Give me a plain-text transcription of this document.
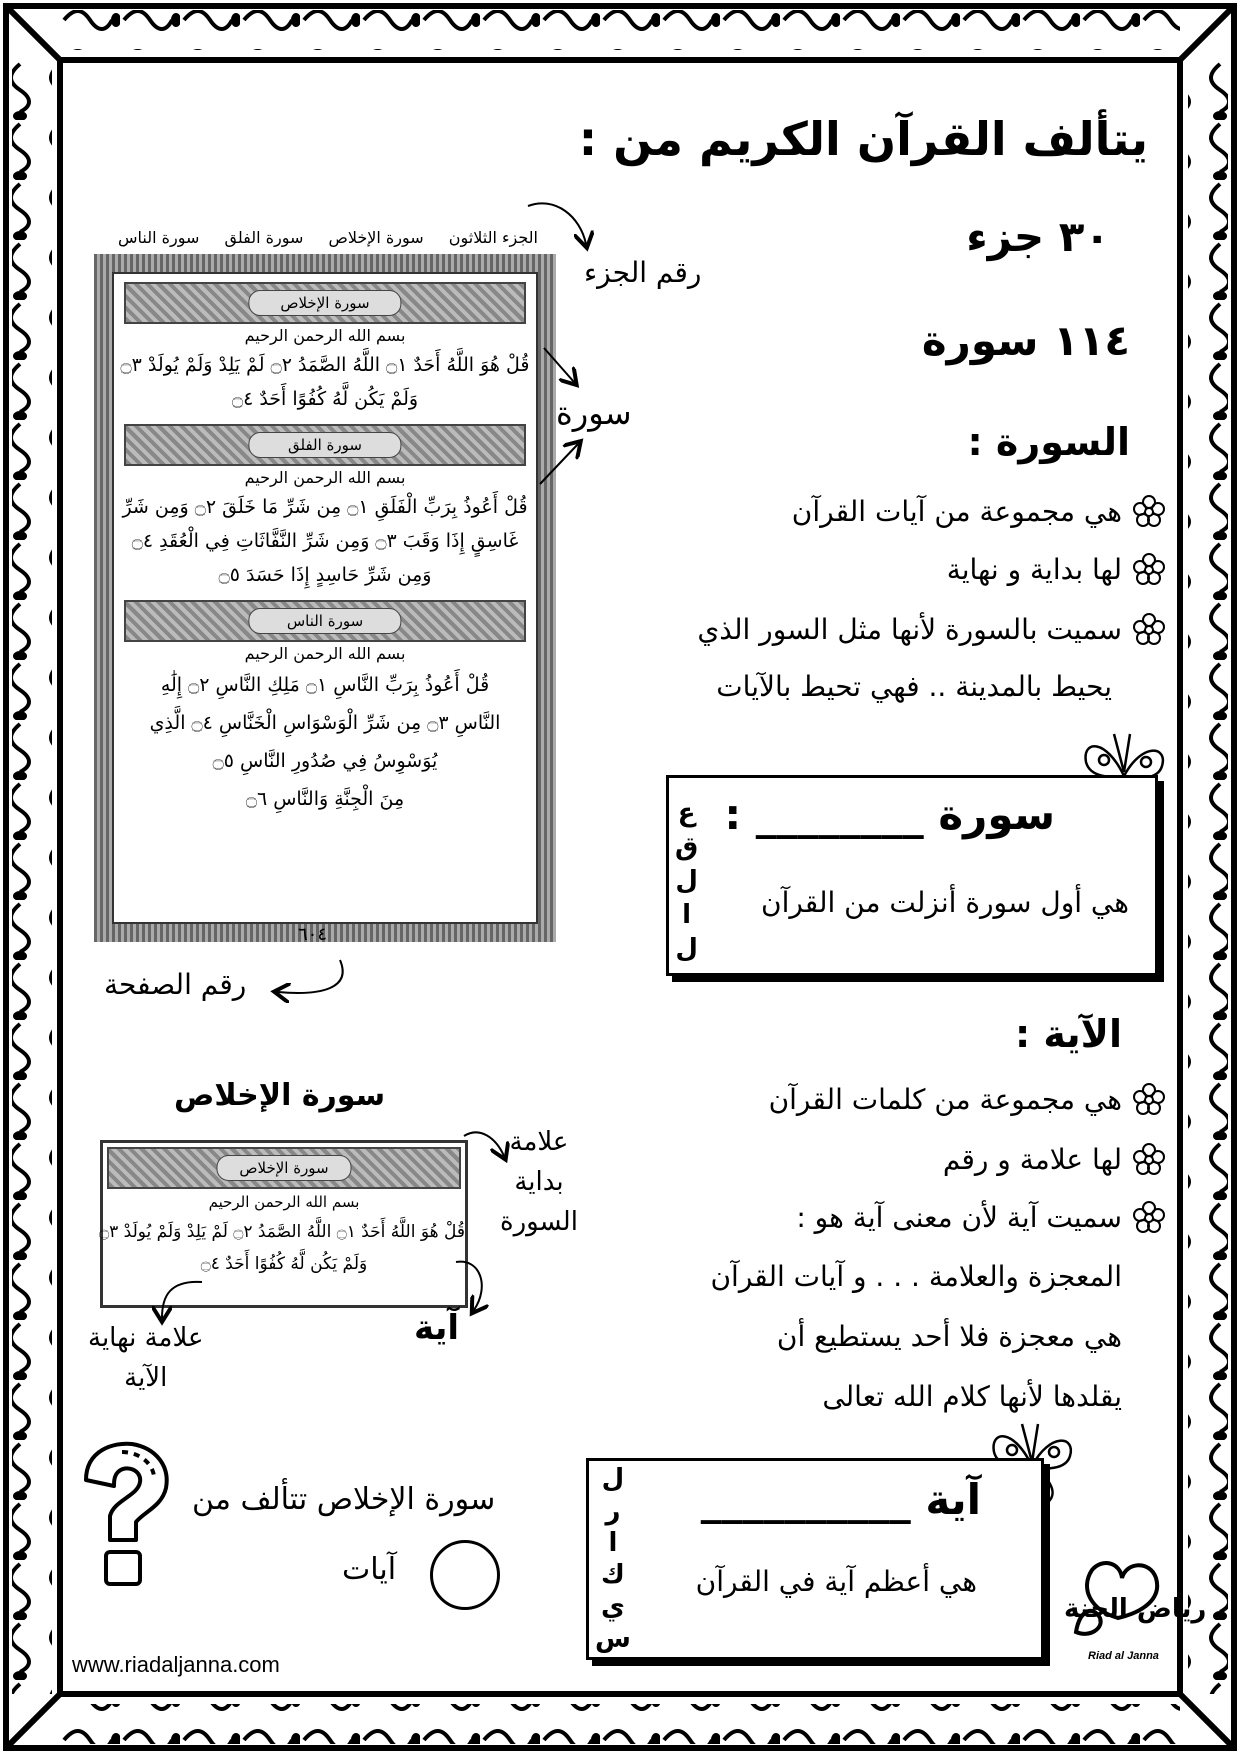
يتألف القرآن الكريم من :
٣٠ جزء
١١٤ سورة
السورة :
هي مجموعة من آيات القرآن
لها بداية و نهاية
سميت بالسورة لأنها مثل السور الذي
يحيط بالمدينة .. فهي تحيط بالآيات
سورة ________ :
هي أول سورة أنزلت من القرآن
ع
ق
ل
ا
ل
الآية :
هي مجموعة من كلمات القرآن
لها علامة و رقم
سميت آية لأن معنى آية هو :
المعجزة والعلامة . . . و آيات القرآن
هي معجزة فلا أحد يستطيع أن
يقلدها لأنها كلام الله تعالى
آية __________
هي أعظم آية في القرآن
ل
ر
ا
ك
ي
س
الجزء الثلاثون
سورة الإخلاص
سورة الفلق
سورة الناس
سورة الإخلاص
بسم الله الرحمن الرحيم
قُلْ هُوَ اللَّهُ أَحَدٌ ۝١ اللَّهُ الصَّمَدُ ۝٢ لَمْ يَلِدْ وَلَمْ يُولَدْ ۝٣
وَلَمْ يَكُن لَّهُ كُفُوًا أَحَدٌ ۝٤
سورة الفلق
بسم الله الرحمن الرحيم
قُلْ أَعُوذُ بِرَبِّ الْفَلَقِ ۝١ مِن شَرِّ مَا خَلَقَ ۝٢ وَمِن شَرِّ
غَاسِقٍ إِذَا وَقَبَ ۝٣ وَمِن شَرِّ النَّفَّاثَاتِ فِي الْعُقَدِ ۝٤
وَمِن شَرِّ حَاسِدٍ إِذَا حَسَدَ ۝٥
سورة الناس
بسم الله الرحمن الرحيم
قُلْ أَعُوذُ بِرَبِّ النَّاسِ ۝١ مَلِكِ النَّاسِ ۝٢ إِلَٰهِ
النَّاسِ ۝٣ مِن شَرِّ الْوَسْوَاسِ الْخَنَّاسِ ۝٤ الَّذِي
يُوَسْوِسُ فِي صُدُورِ النَّاسِ ۝٥
مِنَ الْجِنَّةِ وَالنَّاسِ ۝٦
٦٠٤
رقم الجزء
سورة
رقم الصفحة
سورة الإخلاص
سورة الإخلاص
بسم الله الرحمن الرحيم
قُلْ هُوَ اللَّهُ أَحَدٌ ۝١ اللَّهُ الصَّمَدُ ۝٢ لَمْ يَلِدْ وَلَمْ يُولَدْ ۝٣
وَلَمْ يَكُن لَّهُ كُفُوًا أَحَدٌ ۝٤
علامة
بداية
السورة
آية
علامة نهاية
الآية
سورة الإخلاص تتألف من
آيات
رياض الجنة
Riad al Janna
www.riadaljanna.com
